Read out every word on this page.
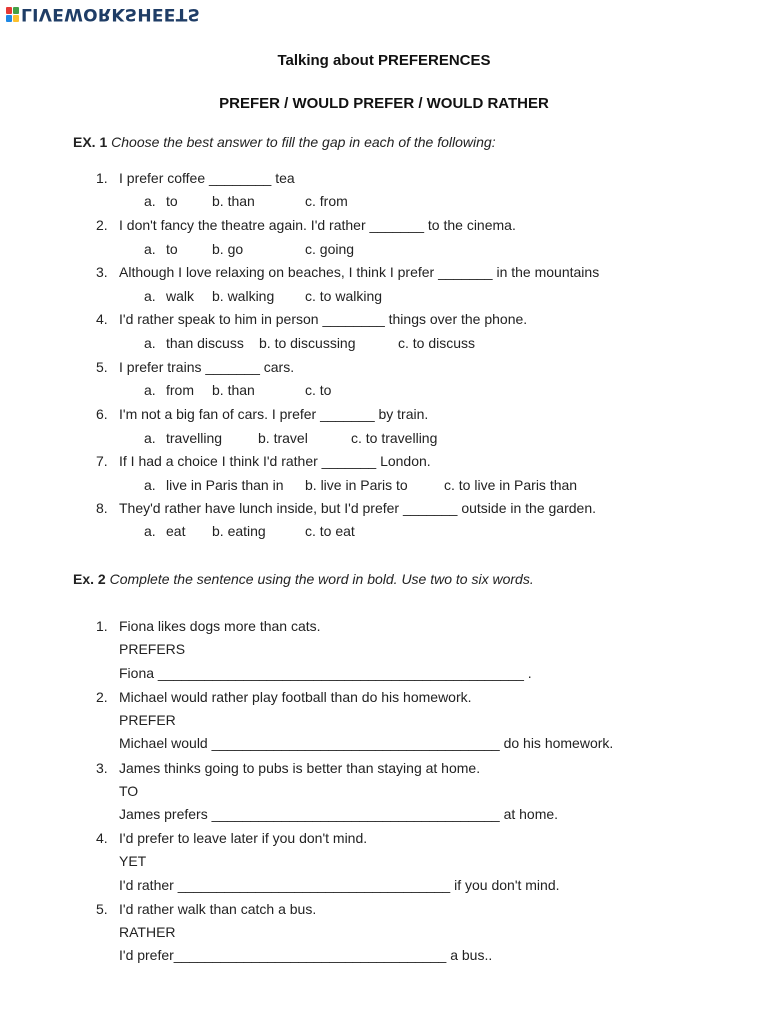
LIVEWORKSHEETS
Talking about PREFERENCES
PREFER / WOULD PREFER / WOULD RATHER
EX. 1 Choose the best answer to fill the gap in each of the following:
1. I prefer coffee ________ tea
a. to b. than	c. from
2. I don't fancy the theatre again. I'd rather _______ to the cinema.
a. to b. go	c. going
3. Although I love relaxing on beaches, I think I prefer _______ in the mountains
a. walk b. walking c. to walking
4. I'd rather speak to him in person ________ things over the phone.
a. than discuss b. to discussing	c. to discuss
5. I prefer trains _______ cars.
a. from b. than	c. to
6. I'm not a big fan of cars. I prefer _______ by train.
a. travelling	b. travel	c. to travelling
7. If I had a choice I think I'd rather _______ London.
a. live in Paris than in b. live in Paris to	c. to live in Paris than
8. They'd rather have lunch inside, but I'd prefer _______ outside in the garden.
a. eat b. eating	c. to eat
Ex. 2 Complete the sentence using the word in bold. Use two to six words.
1. Fiona likes dogs more than cats.
PREFERS
Fiona _______________________________________________ .
2. Michael would rather play football than do his homework.
PREFER
Michael would _____________________________________ do his homework.
3. James thinks going to pubs is better than staying at home.
TO
James prefers _____________________________________ at home.
4. I'd prefer to leave later if you don't mind.
YET
I'd rather ___________________________________ if you don't mind.
5. I'd rather walk than catch a bus.
RATHER
I'd prefer___________________________________ a bus..
